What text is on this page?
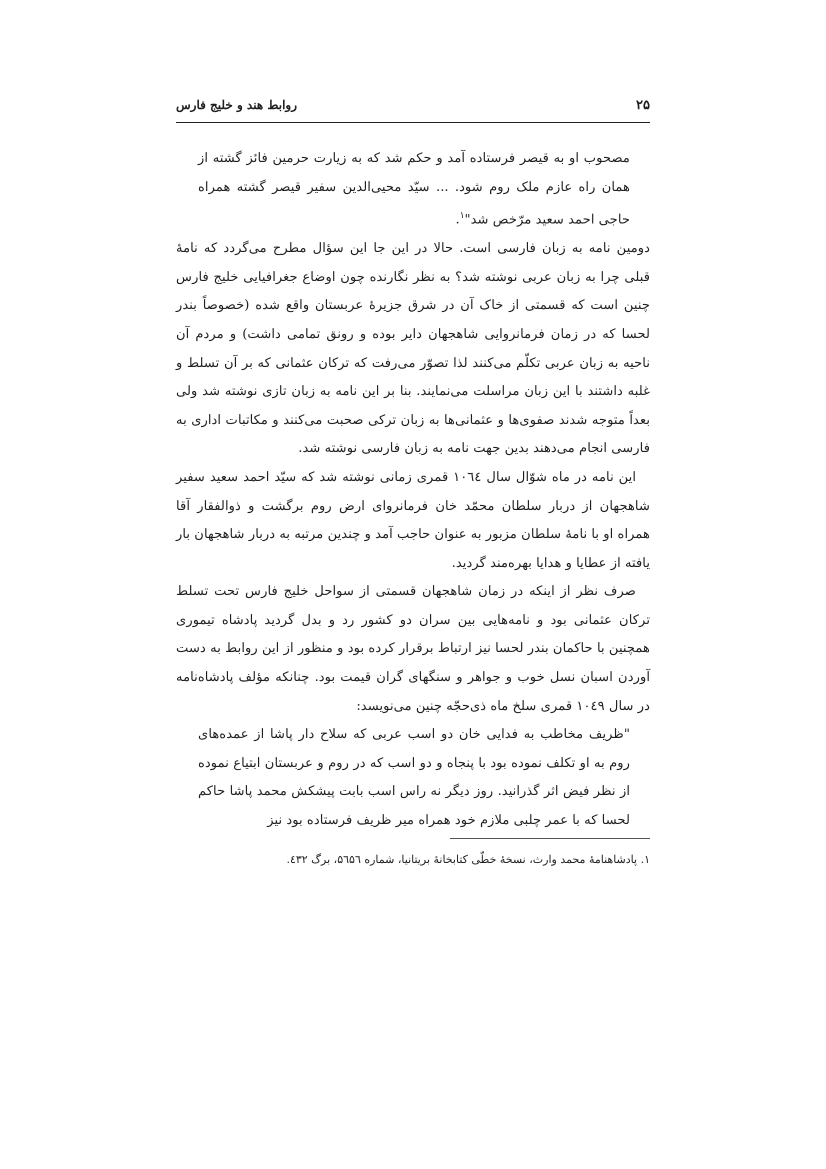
۲۵
روابط هند و خلیج فارس

مصحوب او به قیصر فرستاده آمد و حکم شد که به زیارت حرمین فائز گشته از همان راه عازم ملک روم شود. ... سیّد محیی‌الدین سفیر قیصر گشته همراه حاجی احمد سعید مرّخص شد"$^۱$.

دومین نامه به زبان فارسی است. حالا در این جا این سؤال مطرح می‌گردد که نامهٔ قبلی چرا به زبان عربی نوشته شد؟ به نظر نگارنده چون اوضاع جغرافیایی خلیج فارس چنین است که قسمتی از خاک آن در شرق جزیرهٔ عربستان واقع شده (خصوصاً بندر لحسا که در زمان فرمانروایی شاهجهان دایر بوده و رونق تمامی داشت) و مردم آن ناحیه به زبان عربی تکلّم می‌کنند لذا تصوّر می‌رفت که ترکان عثمانی که بر آن تسلط و غلبه داشتند با این زبان مراسلت می‌نمایند. بنا بر این نامه به زبان تازی نوشته شد ولی بعداً متوجه شدند صفوی‌ها و عثمانی‌ها به زبان ترکی صحبت می‌کنند و مکاتبات اداری به فارسی انجام می‌دهند بدین جهت نامه به زبان فارسی نوشته شد.

این نامه در ماه شوّال سال ۱۰٦٤ قمری زمانی نوشته شد که سیّد احمد سعید سفیر شاهجهان از دربار سلطان محمّد خان فرمانروای ارض روم برگشت و ذوالفقار آقا همراه او با نامهٔ سلطان مزبور به عنوان حاجب آمد و چندین مرتبه به دربار شاهجهان بار یافته از عطایا و هدایا بهره‌مند گردید.

صرف نظر از اینکه در زمان شاهجهان قسمتی از سواحل خلیج فارس تحت تسلط ترکان عثمانی بود و نامه‌هایی بین سران دو کشور رد و بدل گردید پادشاه تیموری همچنین با حاکمان بندر لحسا نیز ارتباط برقرار کرده بود و منظور از این روابط به دست آوردن اسبان نسل خوب و جواهر و سنگهای گران قیمت بود. چنانکه مؤلف پادشاه‌نامه در سال ۱۰٤۹ قمری سلخ ماه ذی‌حجّه چنین می‌نویسد:

"ظریف مخاطب به فدایی خان دو اسب عربی که سلاح دار پاشا از عمده‌های روم به او تکلف نموده بود با پنجاه و دو اسب که در روم و عربستان ابتیاع نموده از نظر فیض اثر گذرانید. روز دیگر نه راس اسب بابت پیشکش محمد پاشا حاکم لحسا که با عمر چلبی ملازم خود همراه میر ظریف فرستاده بود نیز

۱. پادشاهنامهٔ محمد وارث، نسخهٔ خطّی کتابخانهٔ بریتانیا، شماره ۵٦۵٦، برگ ٤۳۲.
